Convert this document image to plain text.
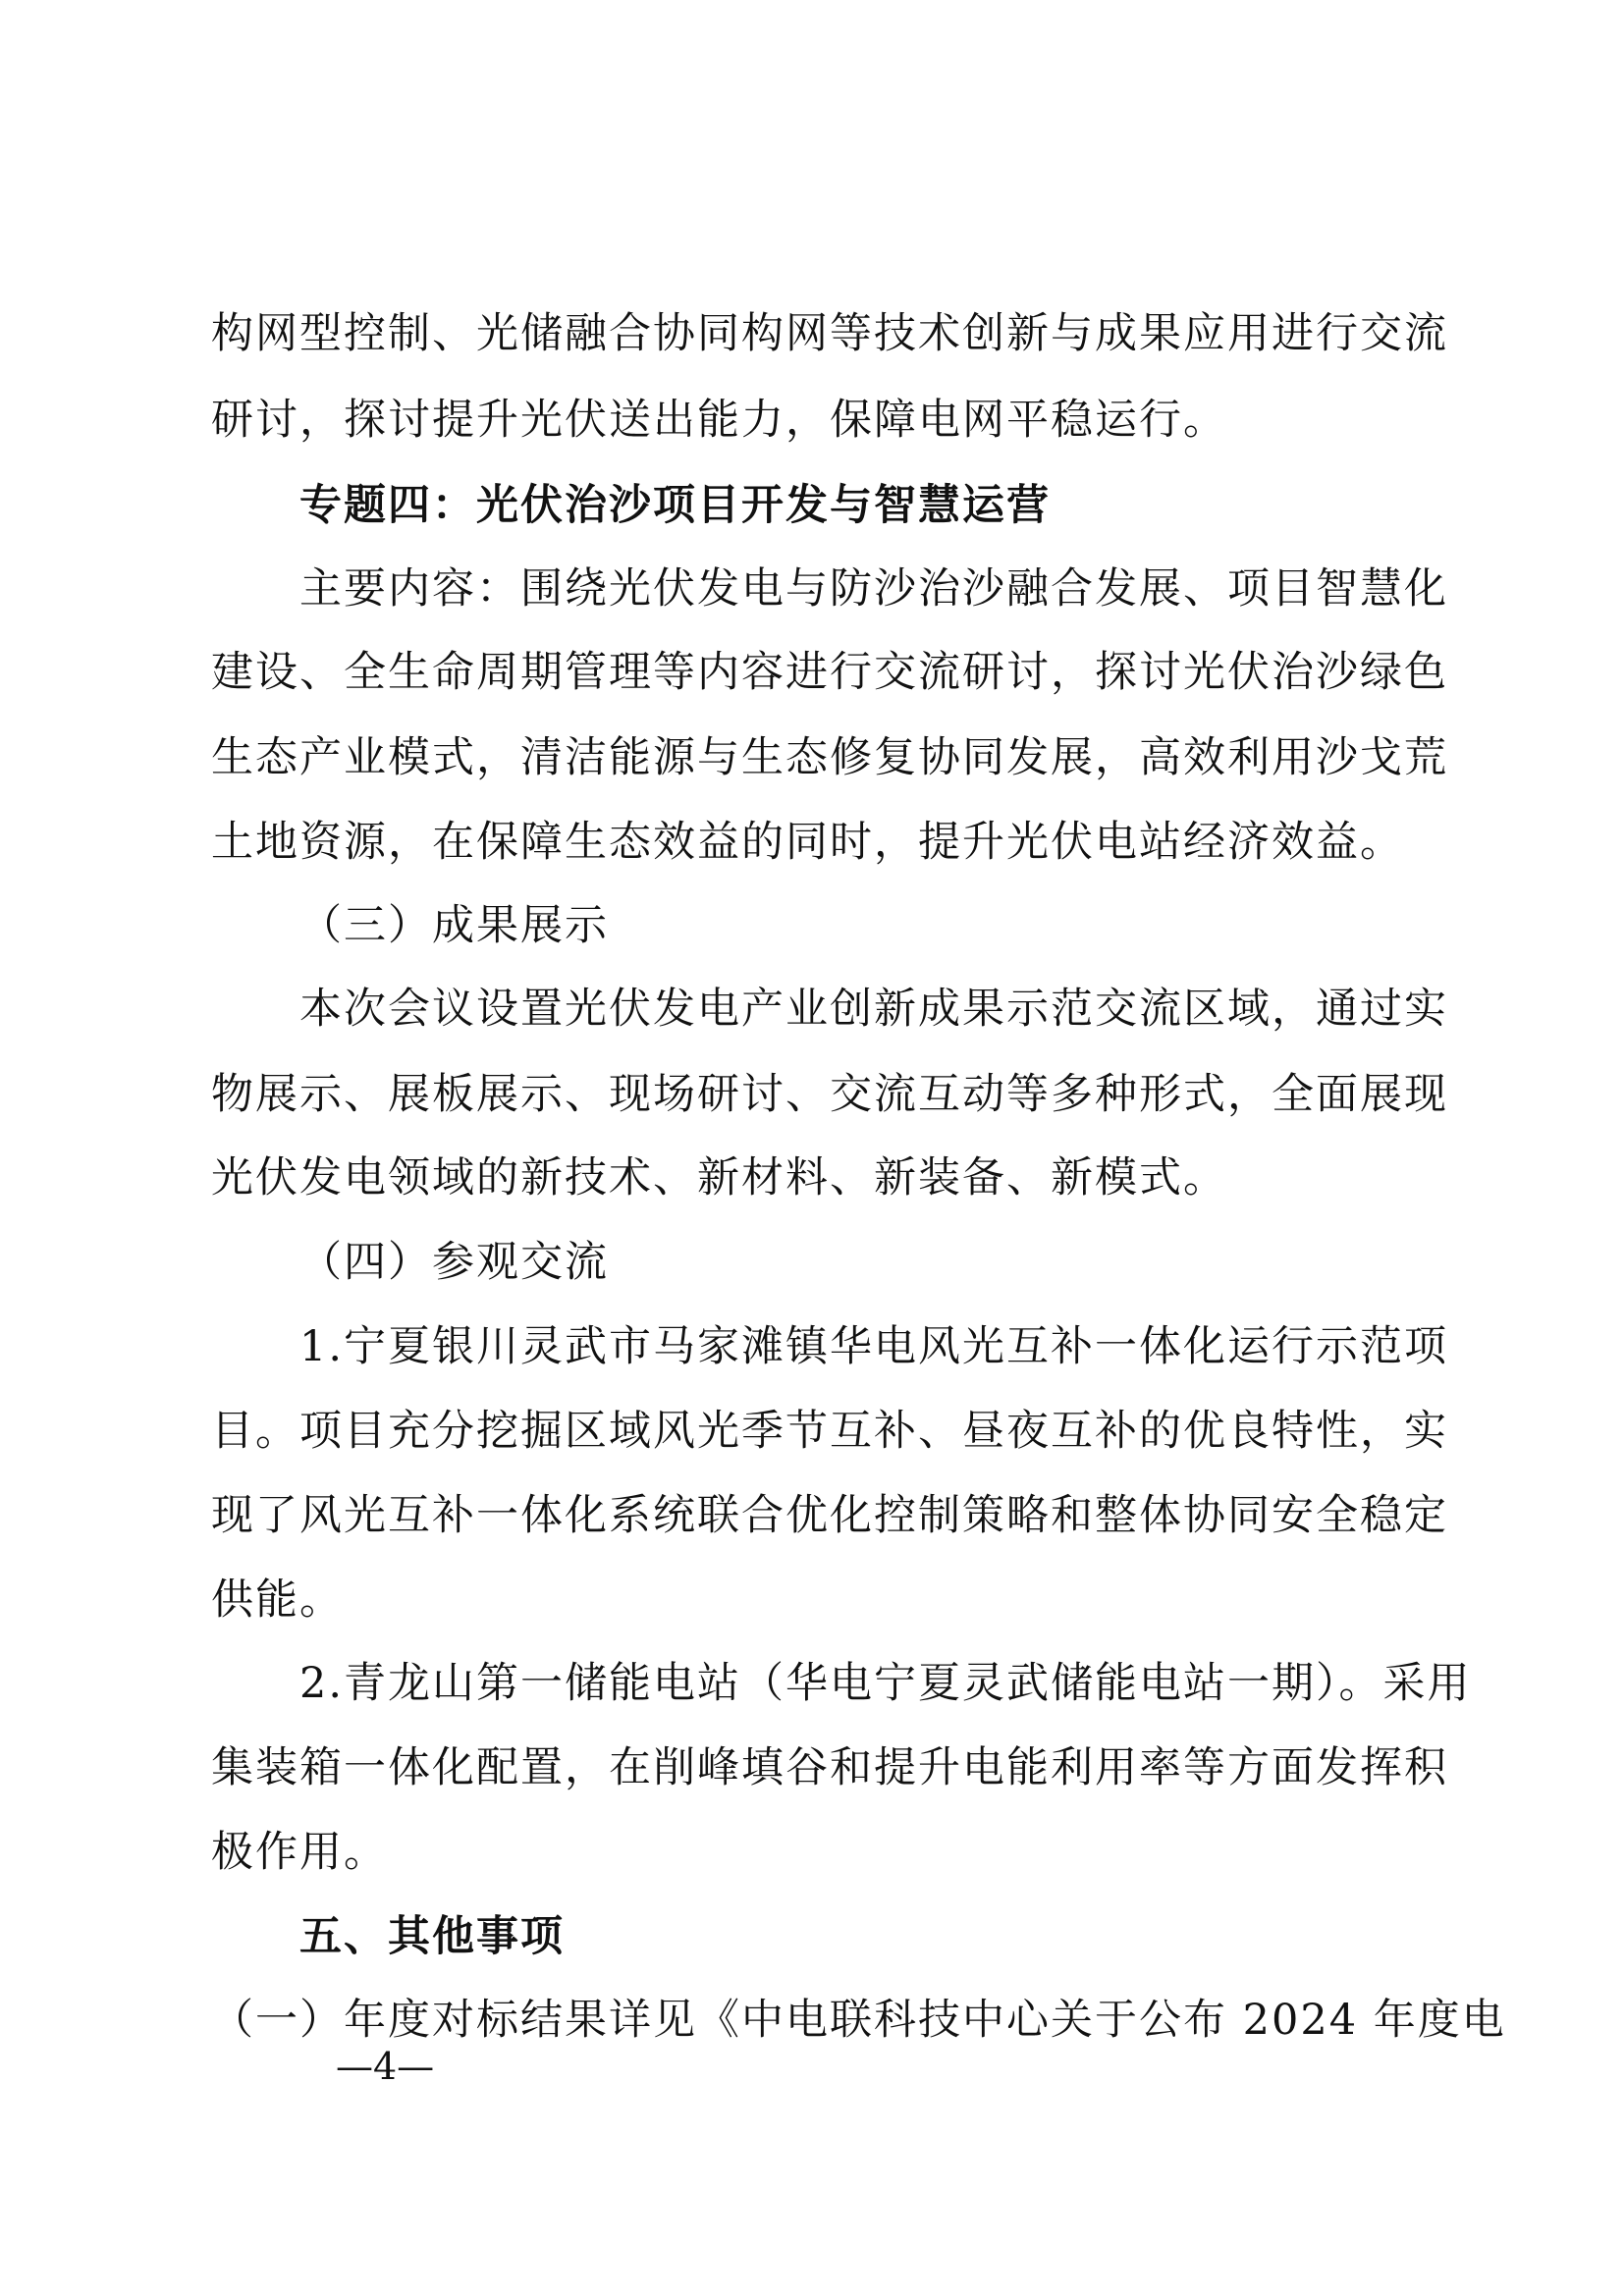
构网型控制、光储融合协同构网等技术创新与成果应用进行交流
研讨，探讨提升光伏送出能力，保障电网平稳运行。
专题四：光伏治沙项目开发与智慧运营
主要内容：围绕光伏发电与防沙治沙融合发展、项目智慧化
建设、全生命周期管理等内容进行交流研讨，探讨光伏治沙绿色
生态产业模式，清洁能源与生态修复协同发展，高效利用沙戈荒
土地资源，在保障生态效益的同时，提升光伏电站经济效益。
（三）成果展示
本次会议设置光伏发电产业创新成果示范交流区域，通过实
物展示、展板展示、现场研讨、交流互动等多种形式，全面展现
光伏发电领域的新技术、新材料、新装备、新模式。
（四）参观交流
1.宁夏银川灵武市马家滩镇华电风光互补一体化运行示范项
目。项目充分挖掘区域风光季节互补、昼夜互补的优良特性，实
现了风光互补一体化系统联合优化控制策略和整体协同安全稳定
供能。
2.青龙山第一储能电站（华电宁夏灵武储能电站一期）。采用
集装箱一体化配置，在削峰填谷和提升电能利用率等方面发挥积
极作用。
五、其他事项
（一）年度对标结果详见《中电联科技中心关于公布 2024 年度电
—4—
